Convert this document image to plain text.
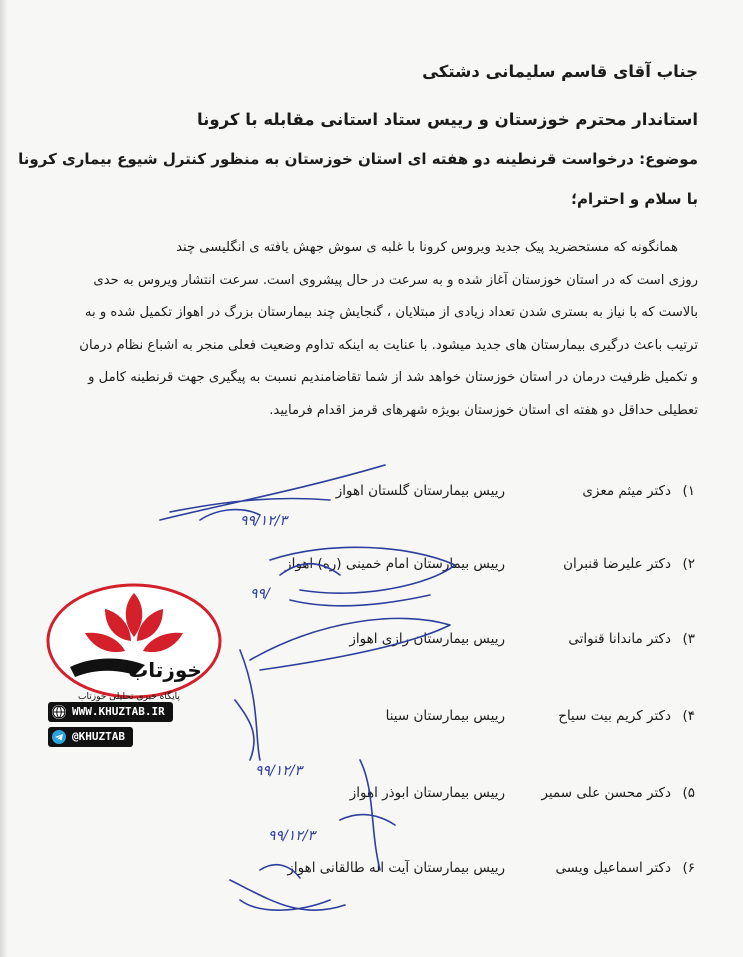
جناب آقای قاسم سلیمانی دشتکی
استاندار محترم خوزستان و رییس ستاد استانی مقابله با کرونا
موضوع: درخواست قرنطینه دو هفته ای استان خوزستان به منظور کنترل شیوع بیماری کرونا
با سلام و احترام؛
همانگونه که مستحضرید پیک جدید ویروس کرونا با غلبه ی سوش جهش یافته ی انگلیسی چند
روزی است که در استان خوزستان آغاز شده و به سرعت در حال پیشروی است. سرعت انتشار ویروس به حدی
بالاست که با نیاز به بستری شدن تعداد زیادی از مبتلایان ، گنجایش چند بیمارستان بزرگ در اهواز تکمیل شده و به
ترتیب باعث درگیری بیمارستان های جدید میشود. با عنایت به اینکه تداوم وضعیت فعلی منجر به اشباع نظام درمان
و تکمیل ظرفیت درمان در استان خوزستان خواهد شد از شما تقاضامندیم نسبت به پیگیری جهت قرنطینه کامل و
تعطیلی حداقل دو هفته ای استان خوزستان بویژه شهرهای قرمز اقدام فرمایید.
۱)
دکتر میثم معزی
رییس بیمارستان گلستان اهواز
۲)
دکتر علیرضا قنبران
رییس بیمارستان امام خمینی (ره) اهواز
۳)
دکتر ماندانا قنواتی
رییس بیمارستان رازی اهواز
۴)
دکتر کریم بیت سیاح
رییس بیمارستان سینا
۵)
دکتر محسن علی سمیر
رییس بیمارستان ابوذر اهواز
۶)
دکتر اسماعیل ویسی
رییس بیمارستان آیت اله طالقانی اهواز
۹۹/۱۲/۳
۹۹/
۹۹/۱۲/۳
۹۹/۱۲/۳
خوزتاب
پایگاه خبری تحلیلی خوزتاب
WWW.KHUZTAB.IR
@KHUZTAB
